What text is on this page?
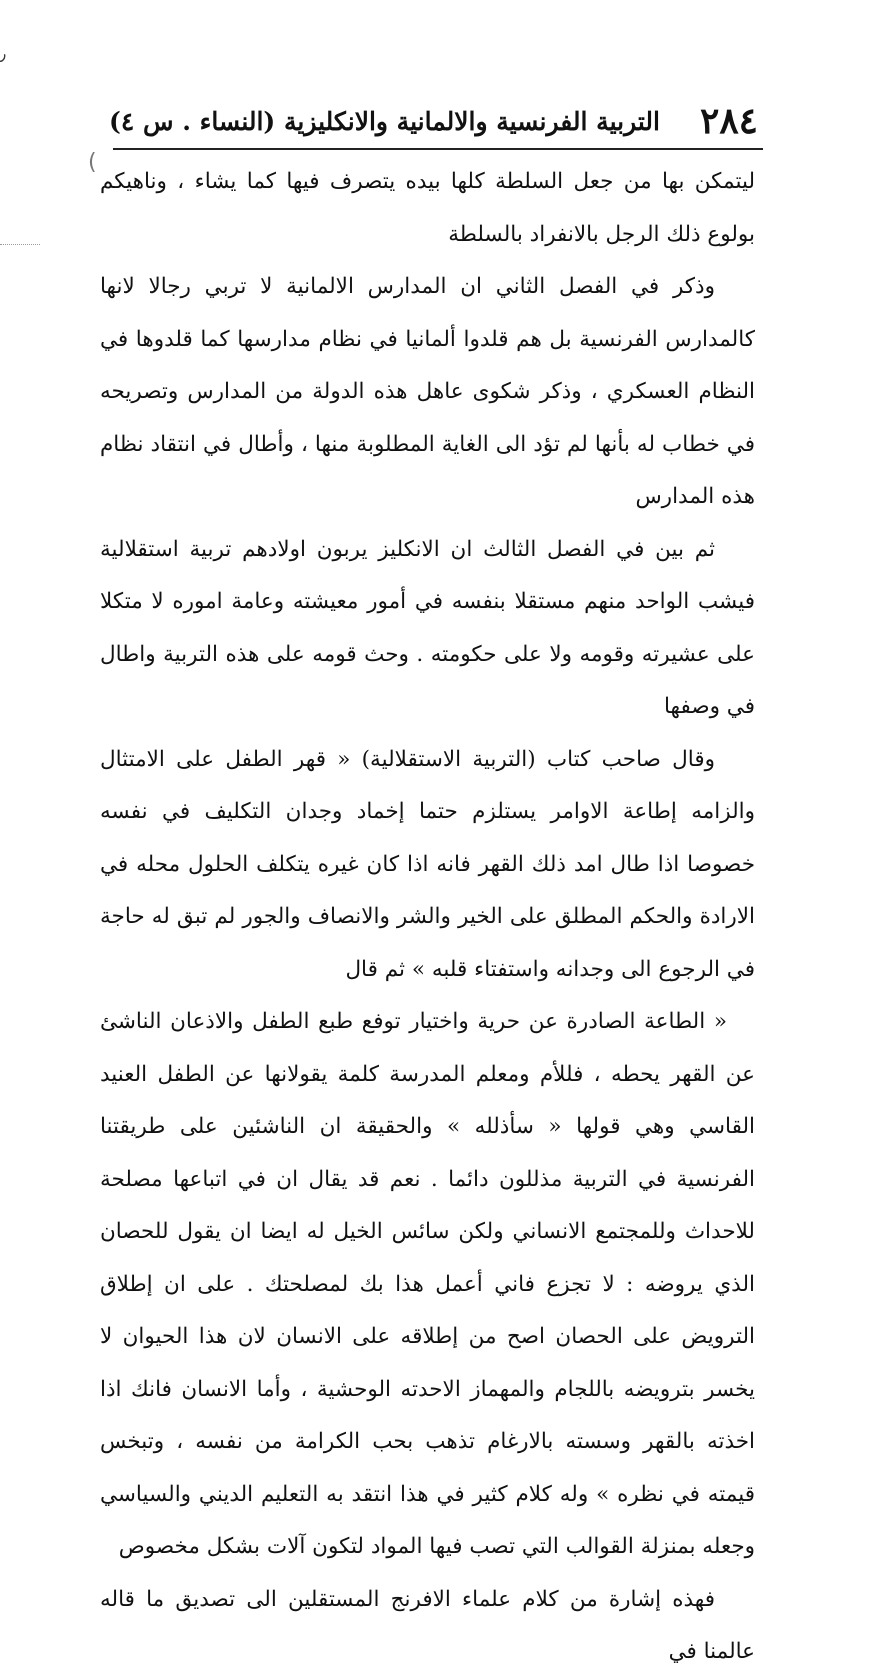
٫
(
٢٨٤
التربية الفرنسية والالمانية والانكليزية (النساء . س ٤)

ليتمكن بها من جعل السلطة كلها بيده يتصرف فيها كما يشاء ، وناهيكم بولوع ذلك الرجل بالانفراد بالسلطة

وذكر في الفصل الثاني ان المدارس الالمانية لا تربي رجالا لانها كالمدارس الفرنسية بل هم قلدوا ألمانيا في نظام مدارسها كما قلدوها في النظام العسكري ، وذكر شكوى عاهل هذه الدولة من المدارس وتصريحه في خطاب له بأنها لم تؤد الى الغاية المطلوبة منها ، وأطال في انتقاد نظام هذه المدارس

ثم بين في الفصل الثالث ان الانكليز يربون اولادهم تربية استقلالية فيشب الواحد منهم مستقلا بنفسه في أمور معيشته وعامة اموره لا متكلا على عشيرته وقومه ولا على حكومته . وحث قومه على هذه التربية واطال في وصفها

وقال صاحب كتاب (التربية الاستقلالية) « قهر الطفل على الامتثال والزامه إطاعة الاوامر يستلزم حتما إخماد وجدان التكليف في نفسه خصوصا اذا طال امد ذلك القهر فانه اذا كان غيره يتكلف الحلول محله في الارادة والحكم المطلق على الخير والشر والانصاف والجور لم تبق له حاجة في الرجوع الى وجدانه واستفتاء قلبه » ثم قال

« الطاعة الصادرة عن حرية واختيار توفع طبع الطفل والاذعان الناشئ عن القهر يحطه ، فللأم ومعلم المدرسة كلمة يقولانها عن الطفل العنيد القاسي وهي قولها « سأذلله » والحقيقة ان الناشئين على طريقتنا الفرنسية في التربية مذللون دائما . نعم قد يقال ان في اتباعها مصلحة للاحداث وللمجتمع الانساني ولكن سائس الخيل له ايضا ان يقول للحصان الذي يروضه : لا تجزع فاني أعمل هذا بك لمصلحتك . على ان إطلاق الترويض على الحصان اصح من إطلاقه على الانسان لان هذا الحيوان لا يخسر بترويضه باللجام والمهماز الاحدته الوحشية ، وأما الانسان فانك اذا اخذته بالقهر وسسته بالارغام تذهب بحب الكرامة من نفسه ، وتبخس قيمته في نظره » وله كلام كثير في هذا انتقد به التعليم الديني والسياسي وجعله بمنزلة القوالب التي تصب فيها المواد لتكون آلات بشكل مخصوص

فهذه إشارة من كلام علماء الافرنج المستقلين الى تصديق ما قاله عالمنا في
